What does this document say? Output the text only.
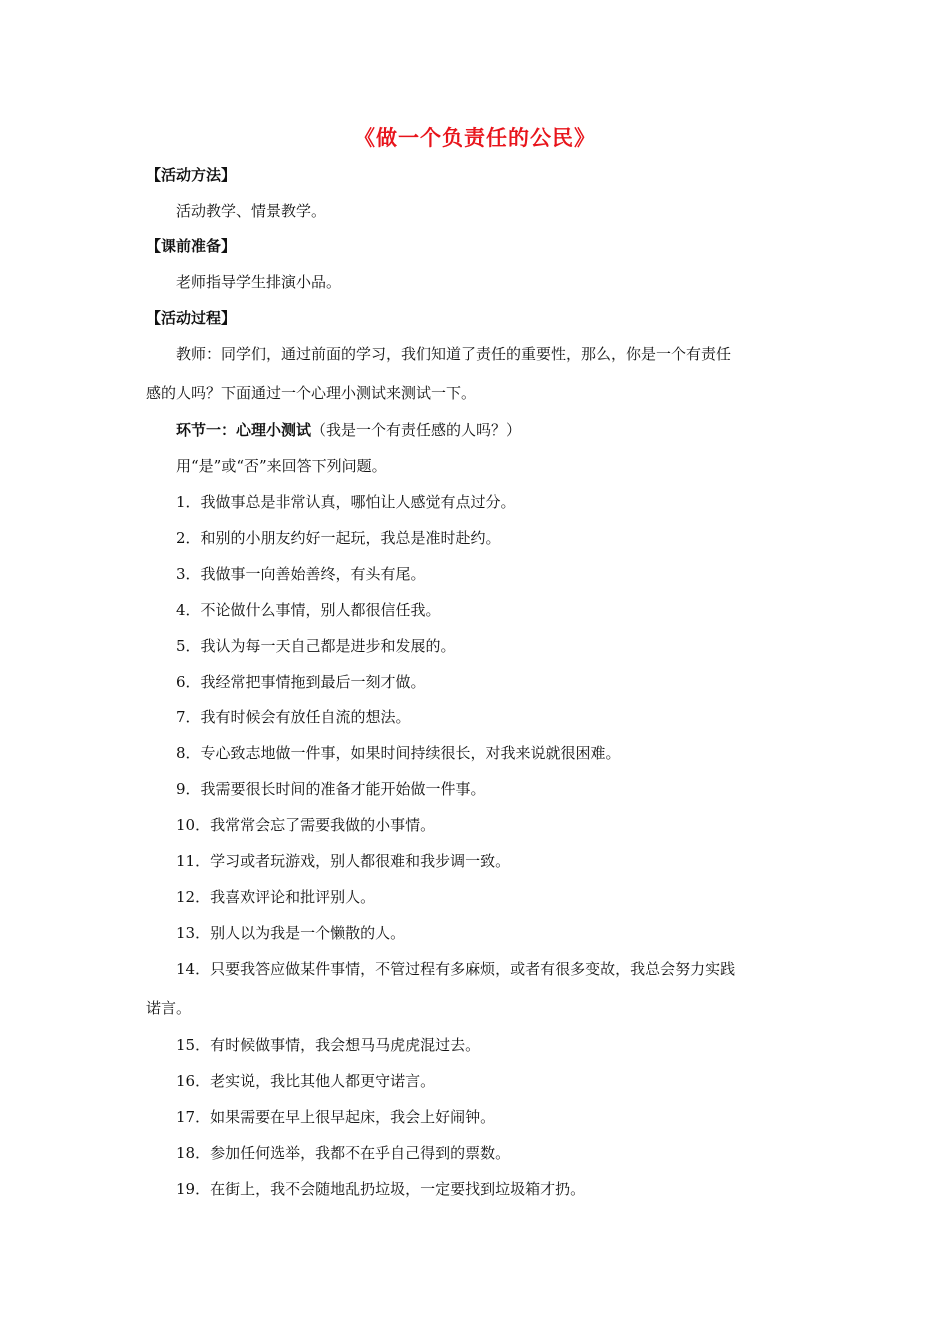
《做一个负责任的公民》
【活动方法】
活动教学、情景教学。
【课前准备】
老师指导学生排演小品。
【活动过程】
教师：同学们，通过前面的学习，我们知道了责任的重要性，那么，你是一个有责任
感的人吗？下面通过一个心理小测试来测试一下。
环节一：心理小测试（我是一个有责任感的人吗？）
用“是”或“否”来回答下列问题。
1．我做事总是非常认真，哪怕让人感觉有点过分。
2．和别的小朋友约好一起玩，我总是准时赴约。
3．我做事一向善始善终，有头有尾。
4．不论做什么事情，别人都很信任我。
5．我认为每一天自己都是进步和发展的。
6．我经常把事情拖到最后一刻才做。
7．我有时候会有放任自流的想法。
8．专心致志地做一件事，如果时间持续很长，对我来说就很困难。
9．我需要很长时间的准备才能开始做一件事。
10．我常常会忘了需要我做的小事情。
11．学习或者玩游戏，别人都很难和我步调一致。
12．我喜欢评论和批评别人。
13．别人以为我是一个懒散的人。
14．只要我答应做某件事情，不管过程有多麻烦，或者有很多变故，我总会努力实践
诺言。
15．有时候做事情，我会想马马虎虎混过去。
16．老实说，我比其他人都更守诺言。
17．如果需要在早上很早起床，我会上好闹钟。
18．参加任何选举，我都不在乎自己得到的票数。
19．在街上，我不会随地乱扔垃圾，一定要找到垃圾箱才扔。
